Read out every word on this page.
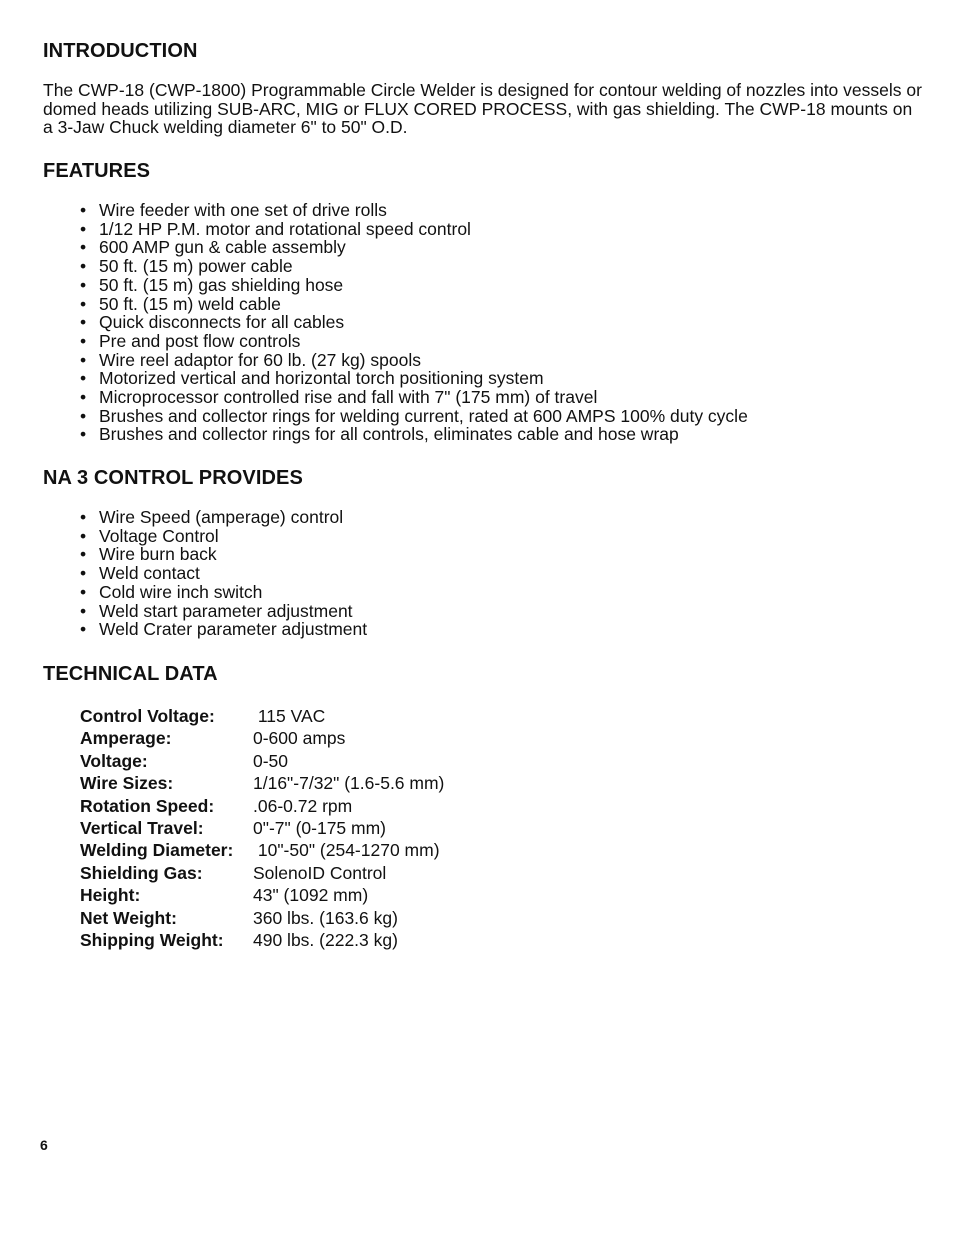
INTRODUCTION

The CWP-18 (CWP-1800) Programmable Circle Welder is designed for contour welding of nozzles into vessels or domed heads utilizing SUB-ARC, MIG or FLUX CORED PROCESS, with gas shielding. The CWP-18 mounts on a 3-Jaw Chuck welding diameter 6" to 50" O.D.

FEATURES
• Wire feeder with one set of drive rolls
• 1/12 HP P.M. motor and rotational speed control
• 600 AMP gun & cable assembly
• 50 ft. (15 m) power cable
• 50 ft. (15 m) gas shielding hose
• 50 ft. (15 m) weld cable
• Quick disconnects for all cables
• Pre and post flow controls
• Wire reel adaptor for 60 lb. (27 kg) spools
• Motorized vertical and horizontal torch positioning system
• Microprocessor controlled rise and fall with 7" (175 mm) of travel
• Brushes and collector rings for welding current, rated at 600 AMPS 100% duty cycle
• Brushes and collector rings for all controls, eliminates cable and hose wrap
NA 3 CONTROL PROVIDES
• Wire Speed (amperage) control
• Voltage Control
• Wire burn back
• Weld contact
• Cold wire inch switch
• Weld start parameter adjustment
• Weld Crater parameter adjustment
TECHNICAL DATA
Control Voltage:	115 VAC
Amperage:	0-600 amps
Voltage:	0-50
Wire Sizes:	1/16"-7/32" (1.6-5.6 mm)
Rotation Speed:	.06-0.72 rpm
Vertical Travel:	0"-7" (0-175 mm)
Welding Diameter:	10"-50" (254-1270 mm)
Shielding Gas:	SolenoID Control
Height:	43" (1092 mm)
Net Weight:	360 lbs. (163.6 kg)
Shipping Weight:	490 lbs. (222.3 kg)
6
